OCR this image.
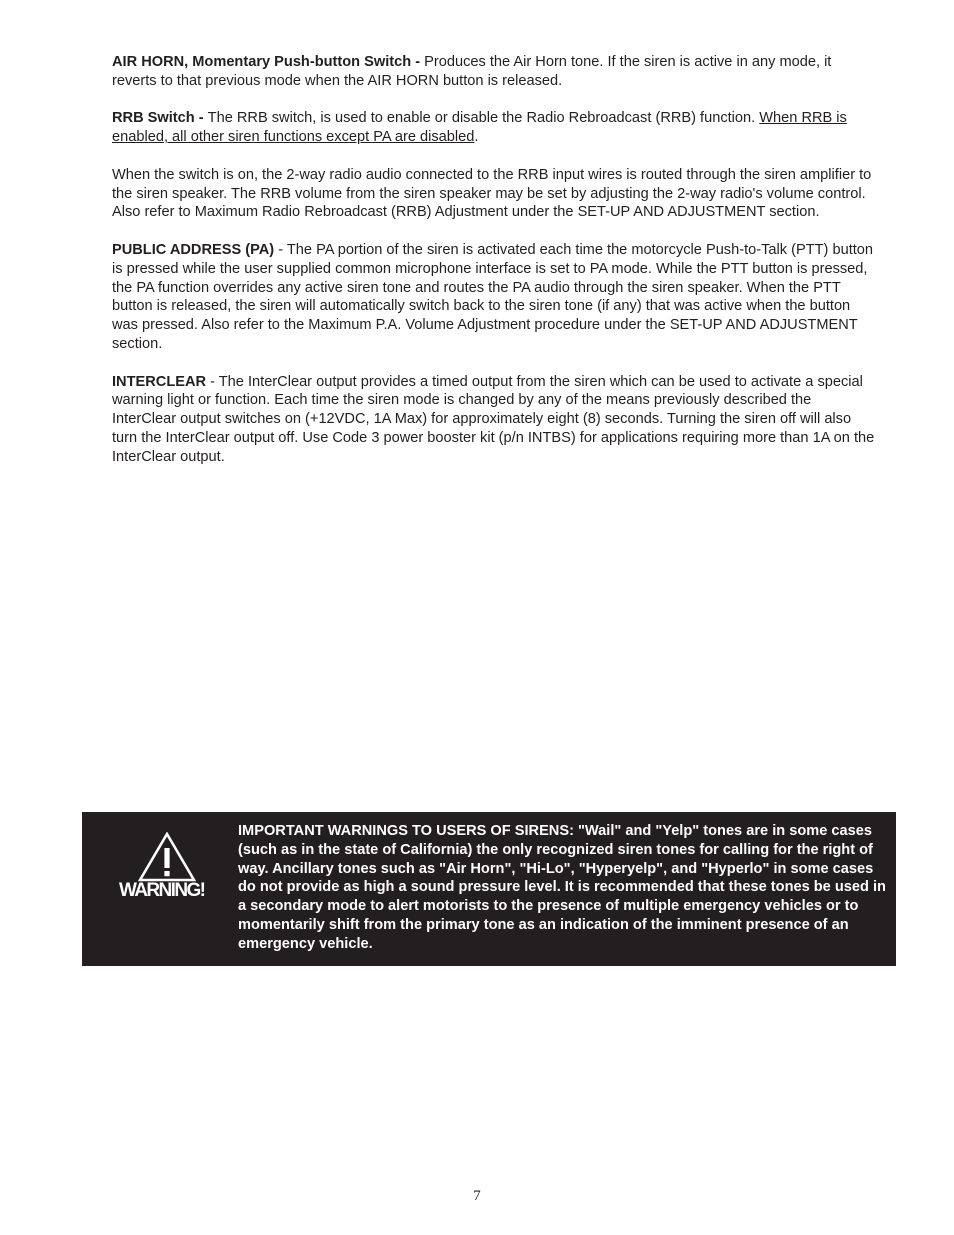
AIR HORN, Momentary Push-button Switch - Produces the Air Horn tone. If the siren is active in any mode, it reverts to that previous mode when the AIR HORN button is released.

RRB Switch - The RRB switch, is used to enable or disable the Radio Rebroadcast (RRB) function. When RRB is enabled, all other siren functions except PA are disabled.

When the switch is on, the 2-way radio audio connected to the RRB input wires is routed through the siren amplifier to the siren speaker. The RRB volume from the siren speaker may be set by adjusting the 2-way radio's volume control. Also refer to Maximum Radio Rebroadcast (RRB) Adjustment under the SET-UP AND ADJUSTMENT section.

PUBLIC ADDRESS (PA) - The PA portion of the siren is activated each time the motorcycle Push-to-Talk (PTT) button is pressed while the user supplied common microphone interface is set to PA mode. While the PTT button is pressed, the PA function overrides any active siren tone and routes the PA audio through the siren speaker. When the PTT button is released, the siren will automatically switch back to the siren tone (if any) that was active when the button was pressed. Also refer to the Maximum P.A. Volume Adjustment procedure under the SET-UP AND ADJUSTMENT section.

INTERCLEAR - The InterClear output provides a timed output from the siren which can be used to activate a special warning light or function. Each time the siren mode is changed by any of the means previously described the InterClear output switches on (+12VDC, 1A Max) for approximately eight (8) seconds. Turning the siren off will also turn the InterClear output off. Use Code 3 power booster kit (p/n INTBS) for applications requiring more than 1A on the InterClear output.

WARNING!
IMPORTANT WARNINGS TO USERS OF SIRENS: "Wail" and "Yelp" tones are in some cases (such as in the state of California) the only recognized siren tones for calling for the right of way. Ancillary tones such as "Air Horn", "Hi-Lo", "Hyperyelp", and "Hyperlo" in some cases do not provide as high a sound pressure level. It is recommended that these tones be used in a secondary mode to alert motorists to the presence of multiple emergency vehicles or to momentarily shift from the primary tone as an indication of the imminent presence of an emergency vehicle.
7
